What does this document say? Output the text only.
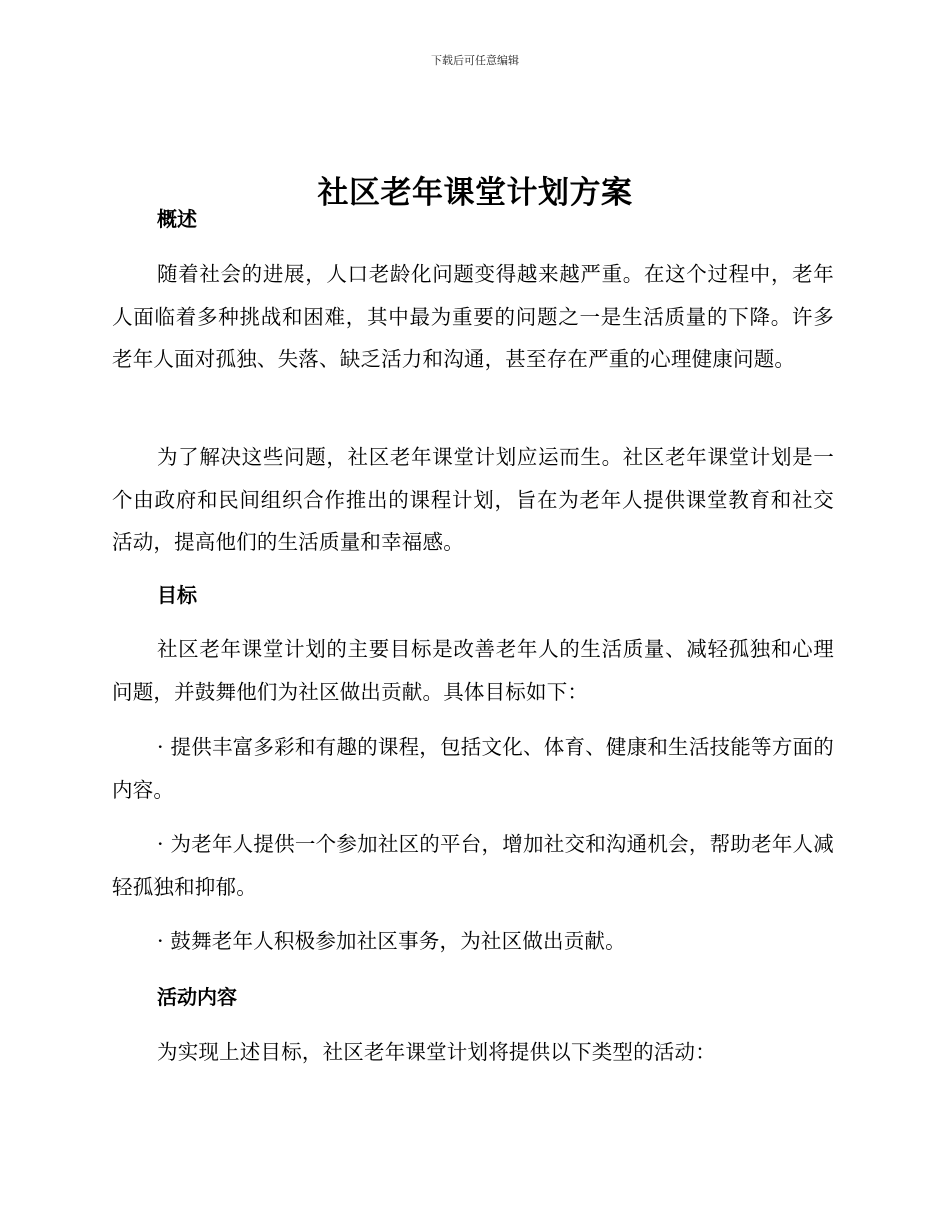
下载后可任意编辑
社区老年课堂计划方案
概述

随着社会的进展，人口老龄化问题变得越来越严重。在这个过程中，老年人面临着多种挑战和困难，其中最为重要的问题之一是生活质量的下降。许多老年人面对孤独、失落、缺乏活力和沟通，甚至存在严重的心理健康问题。

为了解决这些问题，社区老年课堂计划应运而生。社区老年课堂计划是一个由政府和民间组织合作推出的课程计划，旨在为老年人提供课堂教育和社交活动，提高他们的生活质量和幸福感。

目标

社区老年课堂计划的主要目标是改善老年人的生活质量、减轻孤独和心理问题，并鼓舞他们为社区做出贡献。具体目标如下：

· 提供丰富多彩和有趣的课程，包括文化、体育、健康和生活技能等方面的内容。

· 为老年人提供一个参加社区的平台，增加社交和沟通机会，帮助老年人减轻孤独和抑郁。

· 鼓舞老年人积极参加社区事务，为社区做出贡献。

活动内容

为实现上述目标，社区老年课堂计划将提供以下类型的活动：
